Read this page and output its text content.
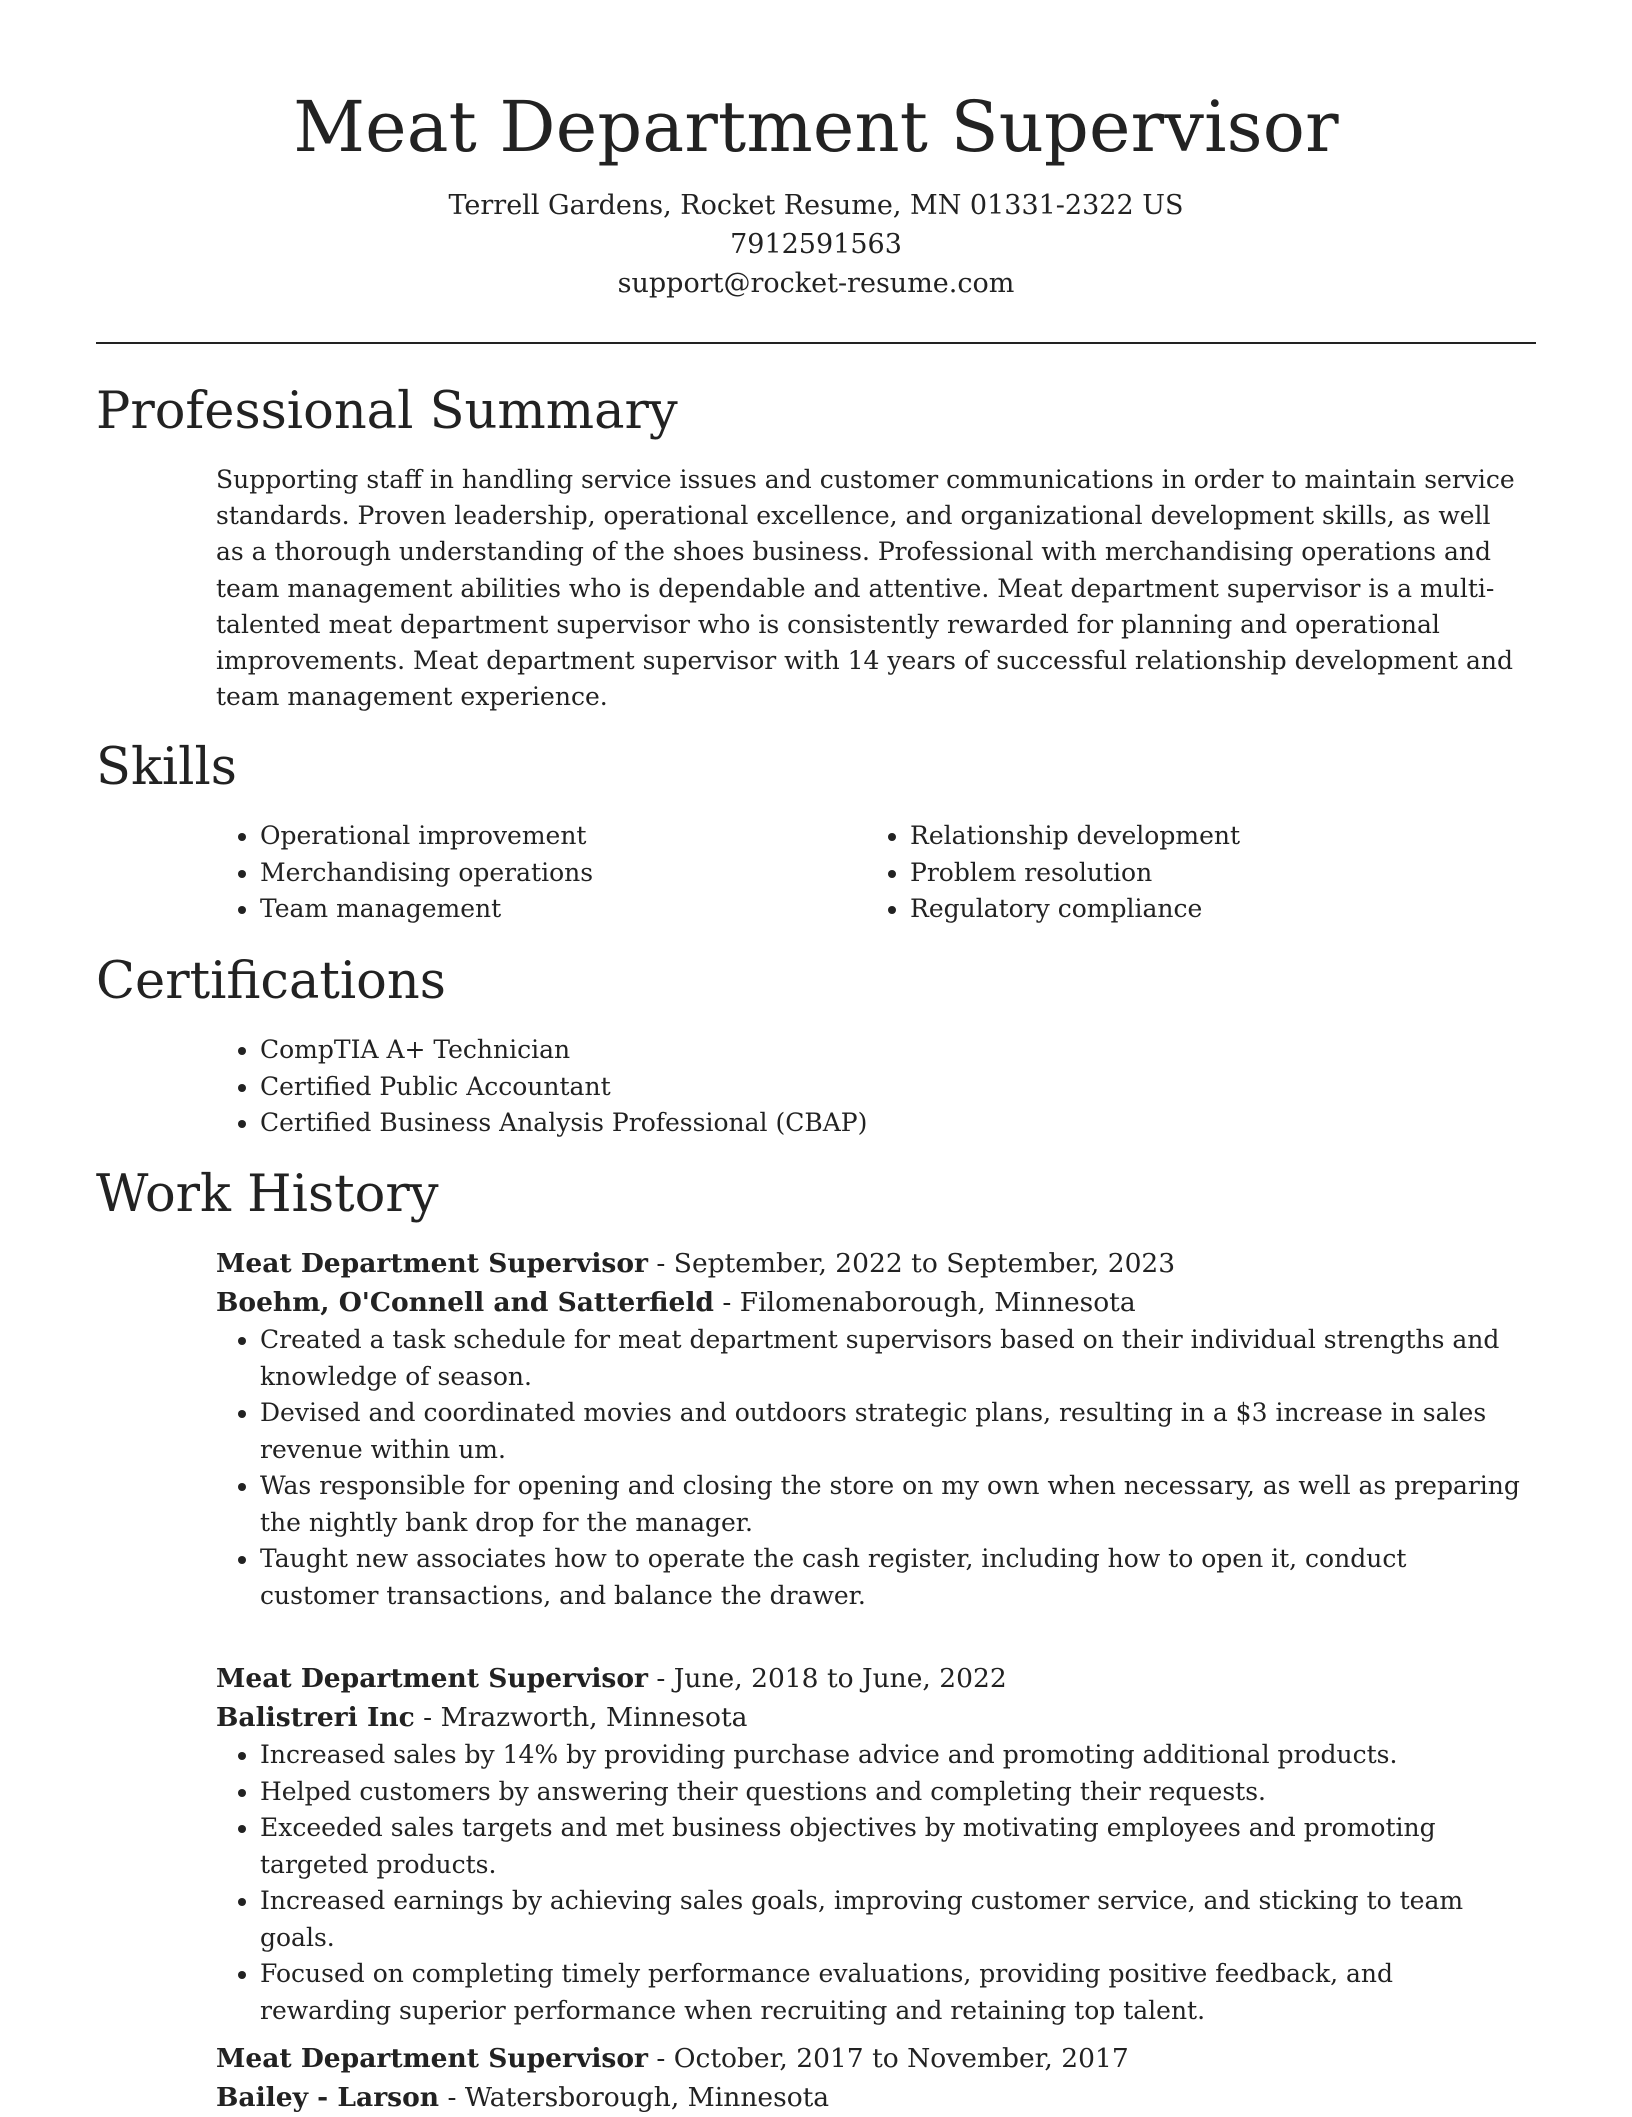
Meat Department Supervisor
Terrell Gardens, Rocket Resume, MN 01331-2322 US
7912591563
support@rocket-resume.com
Professional Summary

Supporting staff in handling service issues and customer communications in order to maintain service standards. Proven leadership, operational excellence, and organizational development skills, as well as a thorough understanding of the shoes business. Professional with merchandising operations and team management abilities who is dependable and attentive. Meat department supervisor is a multi-talented meat department supervisor who is consistently rewarded for planning and operational improvements. Meat department supervisor with 14 years of successful relationship development and team management experience.

Skills
• Operational improvement
• Merchandising operations
• Team management
• Relationship development
• Problem resolution
• Regulatory compliance
Certifications
• CompTIA A+ Technician
• Certified Public Accountant
• Certified Business Analysis Professional (CBAP)
Work History
Meat Department Supervisor - September, 2022 to September, 2023
Boehm, O'Connell and Satterfield - Filomenaborough, Minnesota
• Created a task schedule for meat department supervisors based on their individual strengths and knowledge of season.
• Devised and coordinated movies and outdoors strategic plans, resulting in a $3 increase in sales revenue within um.
• Was responsible for opening and closing the store on my own when necessary, as well as preparing the nightly bank drop for the manager.
• Taught new associates how to operate the cash register, including how to open it, conduct customer transactions, and balance the drawer.
Meat Department Supervisor - June, 2018 to June, 2022
Balistreri Inc - Mrazworth, Minnesota
• Increased sales by 14% by providing purchase advice and promoting additional products.
• Helped customers by answering their questions and completing their requests.
• Exceeded sales targets and met business objectives by motivating employees and promoting targeted products.
• Increased earnings by achieving sales goals, improving customer service, and sticking to team goals.
• Focused on completing timely performance evaluations, providing positive feedback, and rewarding superior performance when recruiting and retaining top talent.
Meat Department Supervisor - October, 2017 to November, 2017
Bailey - Larson - Watersborough, Minnesota
